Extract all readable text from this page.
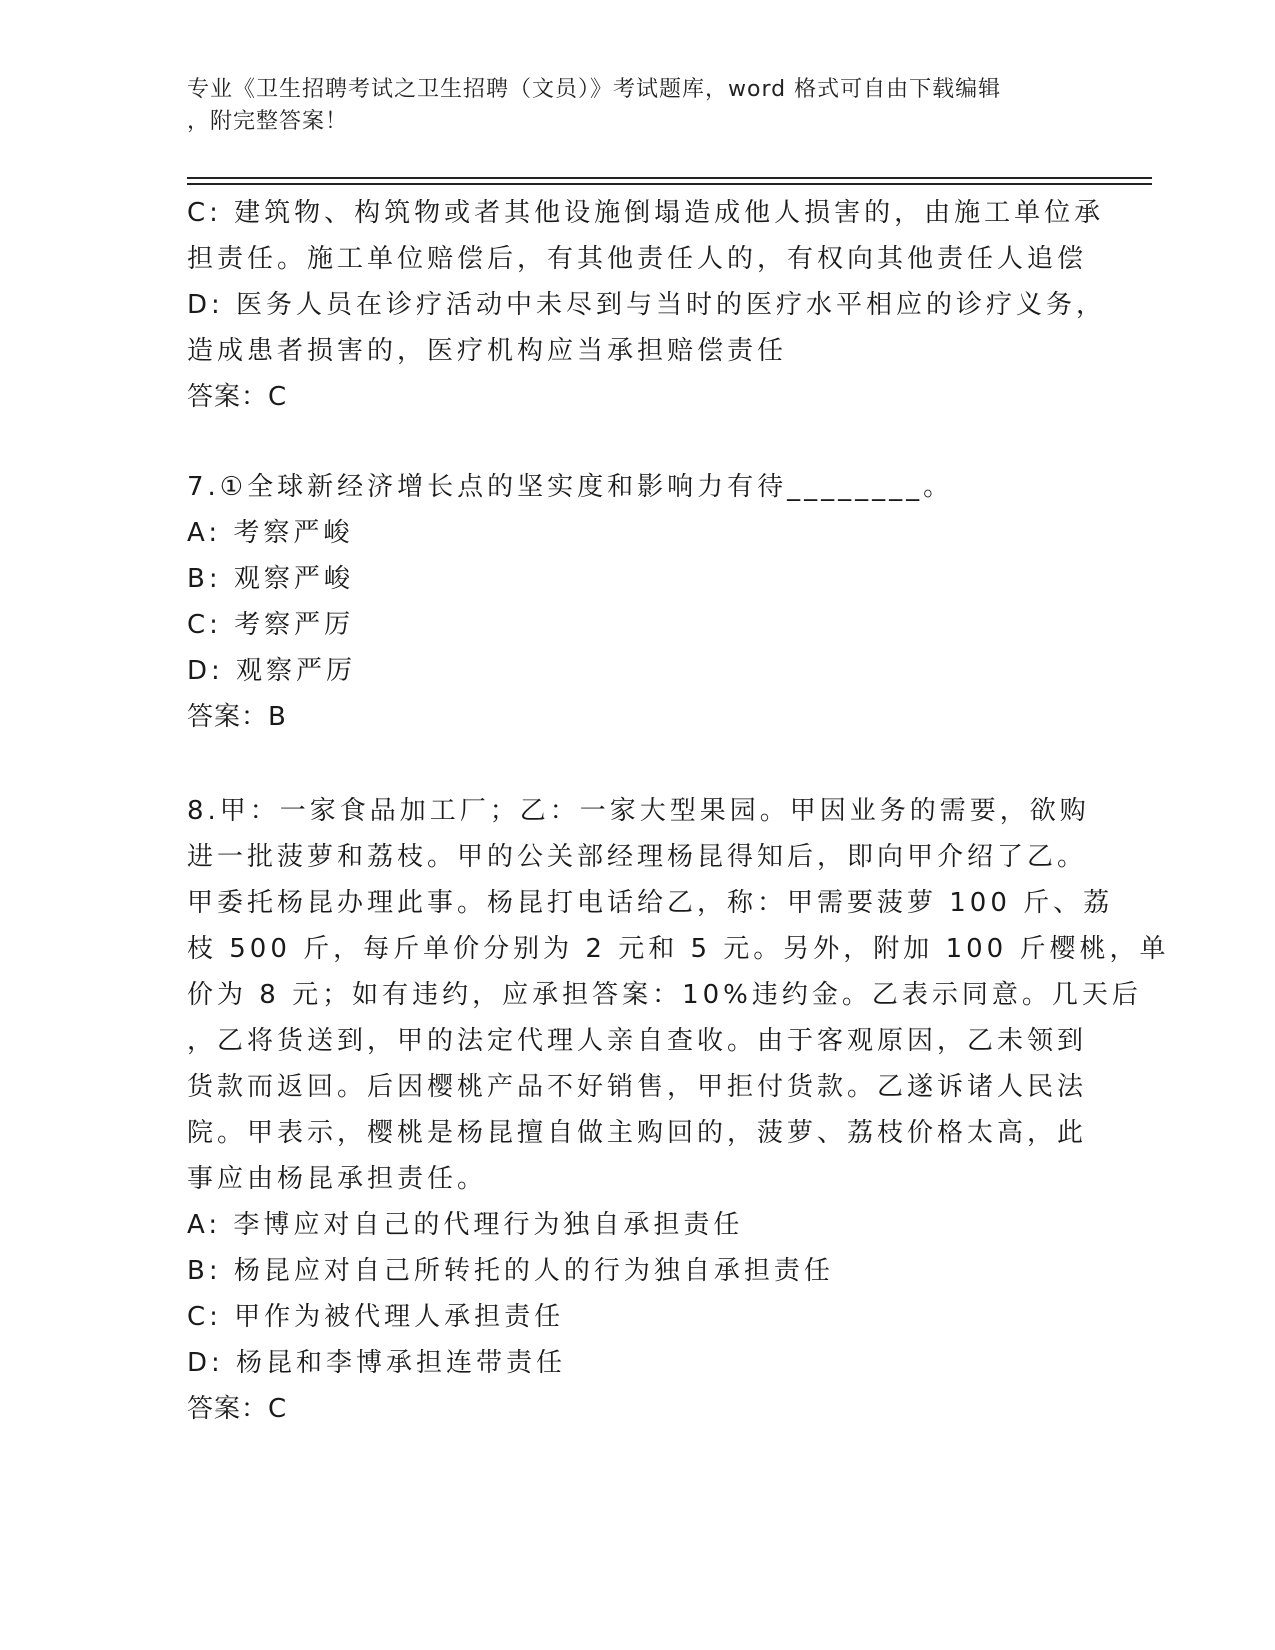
专业《卫生招聘考试之卫生招聘（文员）》考试题库，word 格式可自由下载编辑
，附完整答案！
C: 建筑物、构筑物或者其他设施倒塌造成他人损害的，由施工单位承
担责任。施工单位赔偿后，有其他责任人的，有权向其他责任人追偿
D: 医务人员在诊疗活动中未尽到与当时的医疗水平相应的诊疗义务，
造成患者损害的，医疗机构应当承担赔偿责任
答案：C
7.①全球新经济增长点的坚实度和影响力有待________。
A: 考察严峻
B: 观察严峻
C: 考察严厉
D: 观察严厉
答案：B
8.甲：一家食品加工厂；乙：一家大型果园。甲因业务的需要，欲购
进一批菠萝和荔枝。甲的公关部经理杨昆得知后，即向甲介绍了乙。
甲委托杨昆办理此事。杨昆打电话给乙，称：甲需要菠萝 100 斤、荔
枝 500 斤，每斤单价分别为 2 元和 5 元。另外，附加 100 斤樱桃，单
价为 8 元；如有违约，应承担答案：10%违约金。乙表示同意。几天后
，乙将货送到，甲的法定代理人亲自查收。由于客观原因，乙未领到
货款而返回。后因樱桃产品不好销售，甲拒付货款。乙遂诉诸人民法
院。甲表示，樱桃是杨昆擅自做主购回的，菠萝、荔枝价格太高，此
事应由杨昆承担责任。
A: 李博应对自己的代理行为独自承担责任
B: 杨昆应对自己所转托的人的行为独自承担责任
C: 甲作为被代理人承担责任
D: 杨昆和李博承担连带责任
答案：C
